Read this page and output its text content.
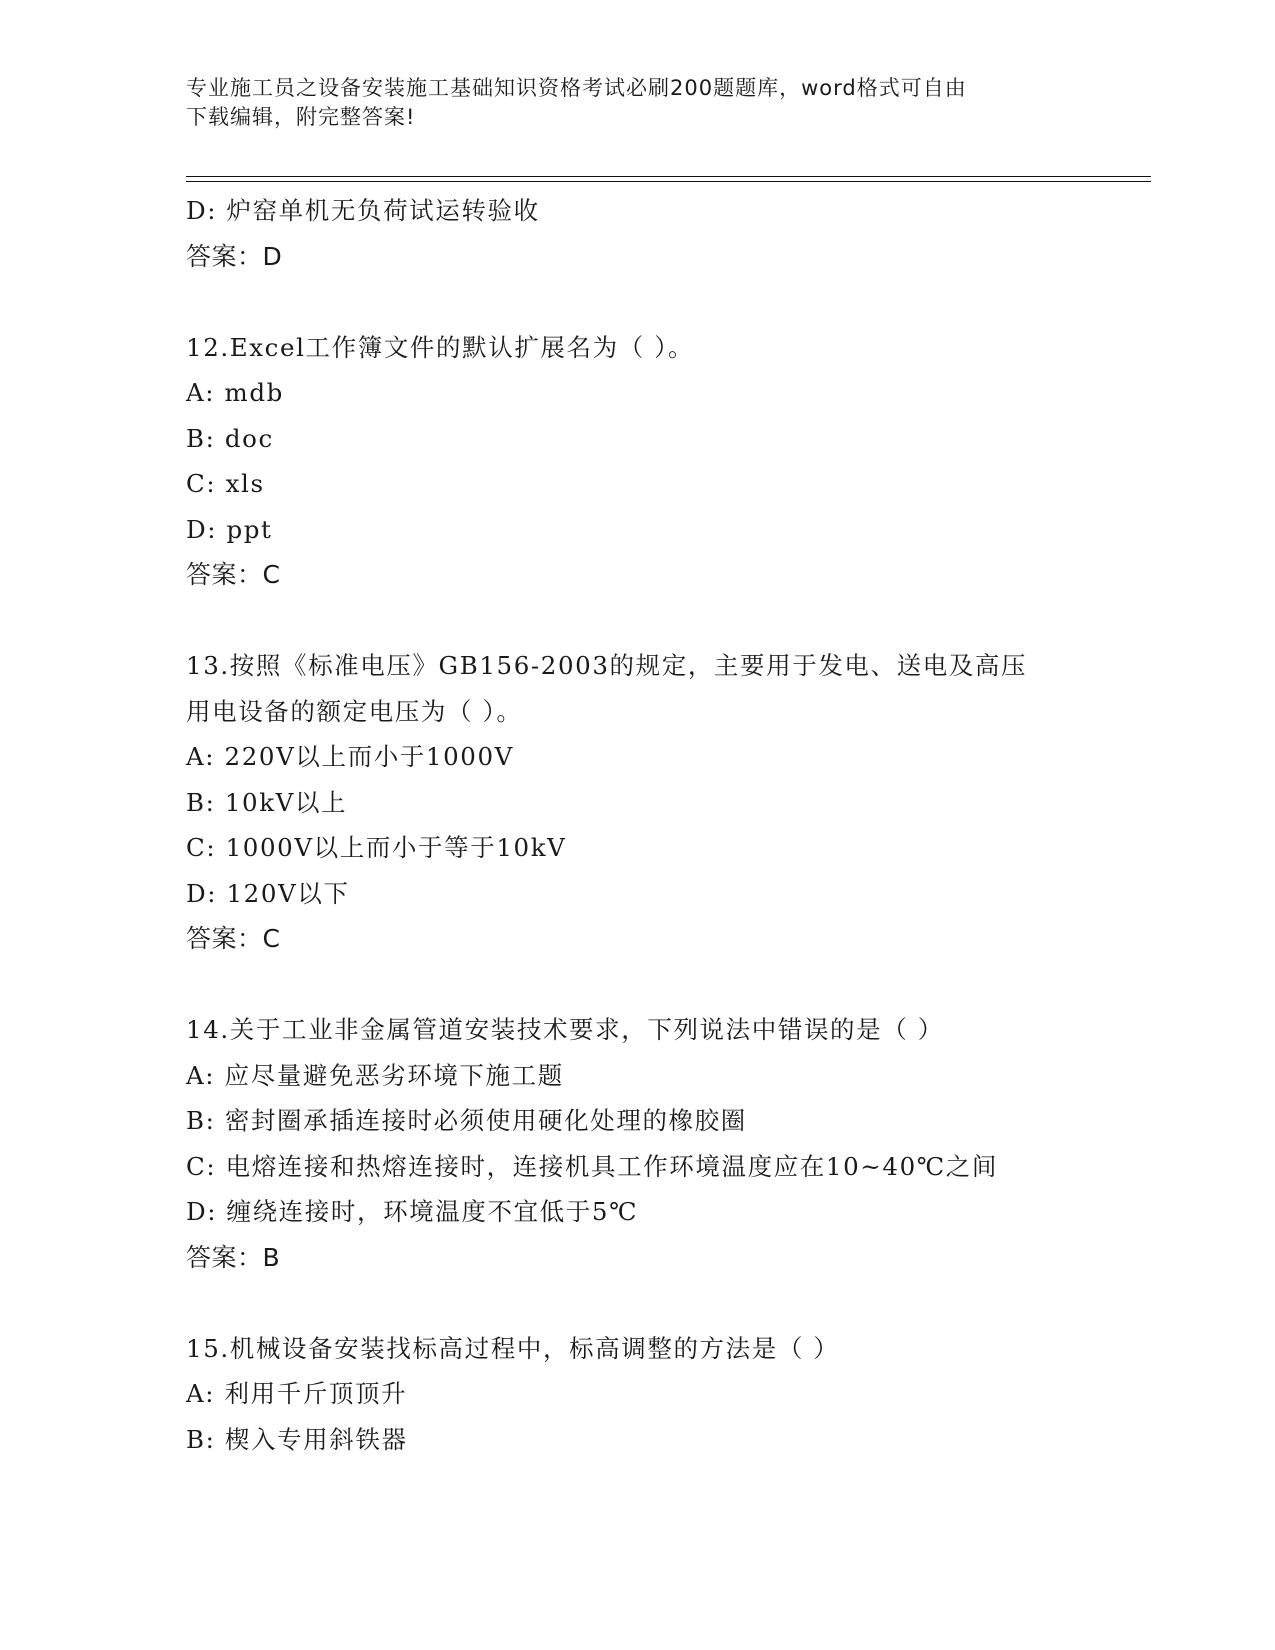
专业施工员之设备安装施工基础知识资格考试必刷200题题库，word格式可自由
下载编辑，附完整答案!
D: 炉窑单机无负荷试运转验收
答案：D
12.Excel工作簿文件的默认扩展名为（ ）。
A: mdb
B: doc
C: xls
D: ppt
答案：C
13.按照《标准电压》GB156-2003的规定，主要用于发电、送电及高压
用电设备的额定电压为（ ）。
A: 220V以上而小于1000V
B: 10kV以上
C: 1000V以上而小于等于10kV
D: 120V以下
答案：C
14.关于工业非金属管道安装技术要求，下列说法中错误的是（ ）
A: 应尽量避免恶劣环境下施工题
B: 密封圈承插连接时必须使用硬化处理的橡胶圈
C: 电熔连接和热熔连接时，连接机具工作环境温度应在10~40℃之间
D: 缠绕连接时，环境温度不宜低于5℃
答案：B
15.机械设备安装找标高过程中，标高调整的方法是（ ）
A: 利用千斤顶顶升
B: 楔入专用斜铁器
